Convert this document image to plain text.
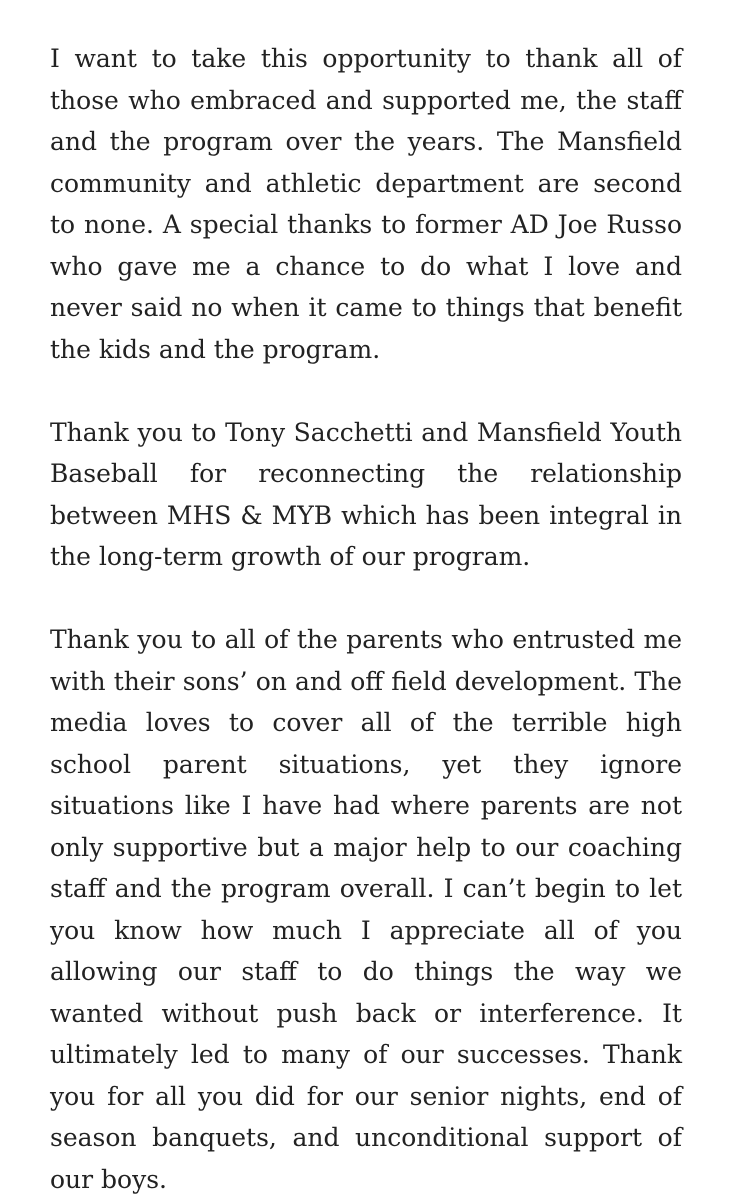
I want to take this opportunity to thank all of those who embraced and supported me, the staff and the program over the years. The Mansfield community and athletic department are second to none. A special thanks to former AD Joe Russo who gave me a chance to do what I love and never said no when it came to things that benefit the kids and the program.

Thank you to Tony Sacchetti and Mansfield Youth Baseball for reconnecting the relationship between MHS & MYB which has been integral in the long-term growth of our program.

Thank you to all of the parents who entrusted me with their sons’ on and off field development. The media loves to cover all of the terrible high school parent situations, yet they ignore situations like I have had where parents are not only supportive but a major help to our coaching staff and the program overall. I can’t begin to let you know how much I appreciate all of you allowing our staff to do things the way we wanted without push back or interference. It ultimately led to many of our successes. Thank you for all you did for our senior nights, end of season banquets, and unconditional support of our boys.
